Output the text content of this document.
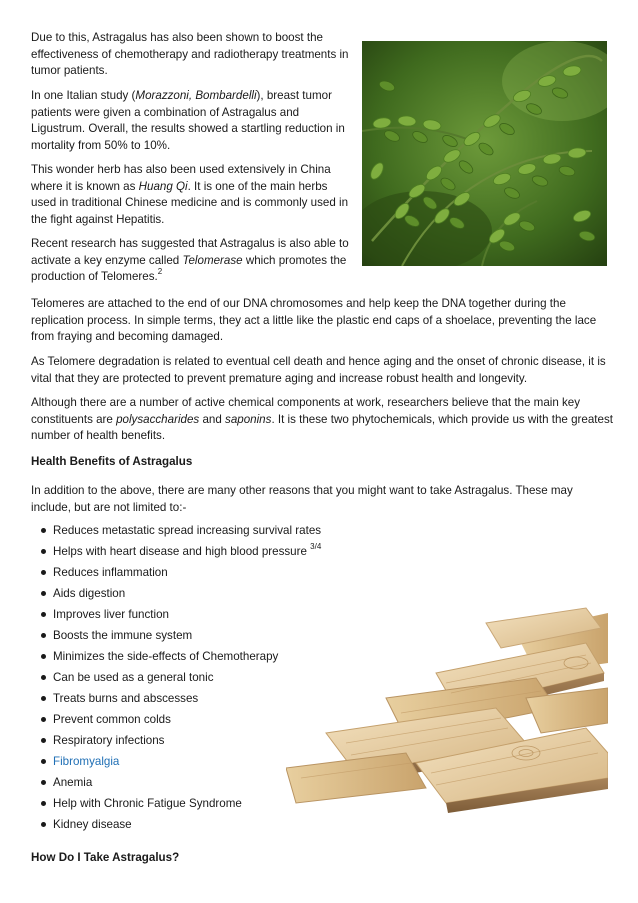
Due to this, Astragalus has also been shown to boost the effectiveness of chemotherapy and radiotherapy treatments in tumor patients.

In one Italian study (Morazzoni, Bombardelli), breast tumor patients were given a combination of Astragalus and Ligustrum. Overall, the results showed a startling reduction in mortality from 50% to 10%.

This wonder herb has also been used extensively in China where it is known as Huang Qi. It is one of the main herbs used in traditional Chinese medicine and is commonly used in the fight against Hepatitis.

Recent research has suggested that Astragalus is also able to activate a key enzyme called Telomerase which promotes the production of Telomeres.$^2$

Telomeres are attached to the end of our DNA chromosomes and help keep the DNA together during the replication process. In simple terms, they act a little like the plastic end caps of a shoelace, preventing the lace from fraying and becoming damaged.

As Telomere degradation is related to eventual cell death and hence aging and the onset of chronic disease, it is vital that they are protected to prevent premature aging and increase robust health and longevity.

Although there are a number of active chemical components at work, researchers believe that the main key constituents are polysaccharides and saponins. It is these two phytochemicals, which provide us with the greatest number of health benefits.

Health Benefits of Astragalus

In addition to the above, there are many other reasons that you might want to take Astragalus. These may include, but are not limited to:-

Reduces metastatic spread increasing survival rates
Helps with heart disease and high blood pressure $^{3/4}$
Reduces inflammation
Aids digestion
Improves liver function
Boosts the immune system
Minimizes the side-effects of Chemotherapy
Can be used as a general tonic
Treats burns and abscesses
Prevent common colds
Respiratory infections
Fibromyalgia
Anemia
Help with Chronic Fatigue Syndrome
Kidney disease

How Do I Take Astragalus?
